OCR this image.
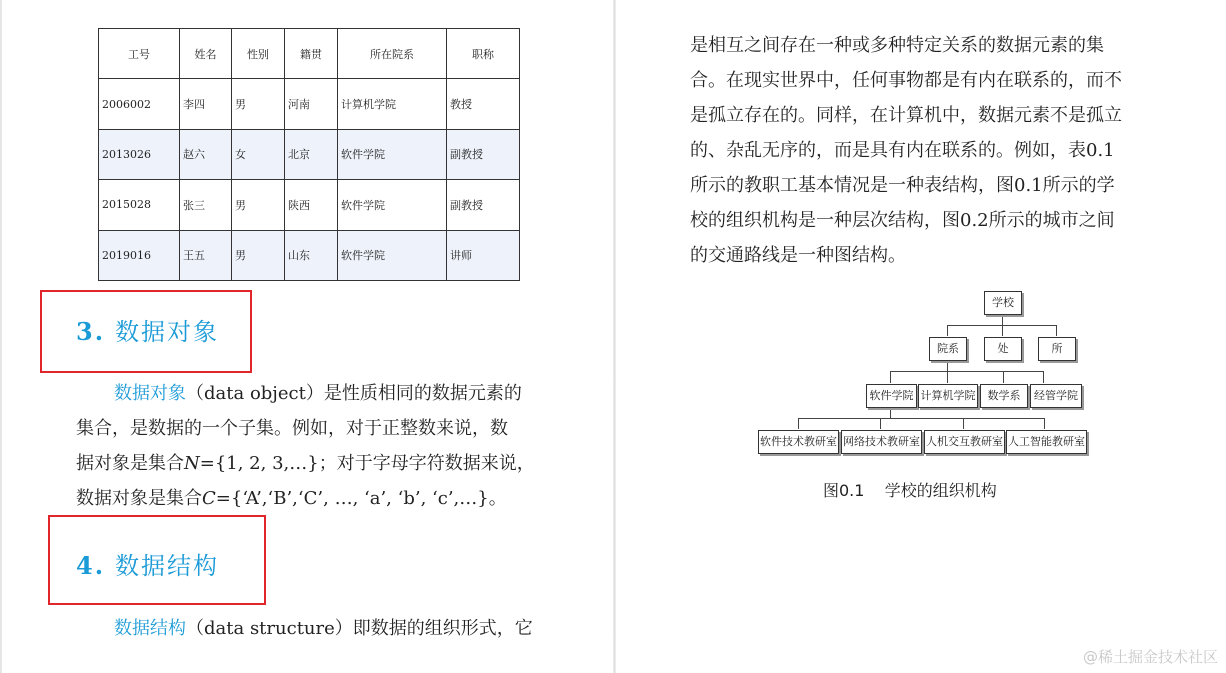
工号	姓名	性别	籍贯	所在院系	职称
2006002	李四	男	河南	计算机学院	教授
2013026	赵六	女	北京	软件学院	副教授
2015028	张三	男	陕西	软件学院	副教授
2019016	王五	男	山东	软件学院	讲师
3. 数据对象
数据对象（data object）是性质相同的数据元素的
集合，是数据的一个子集。例如，对于正整数来说，数
据对象是集合N={1, 2, 3,…}；对于字母字符数据来说，
数据对象是集合C={‘A’,‘B’,‘C’, …, ‘a’, ‘b’, ‘c’,…}。
4. 数据结构
数据结构（data structure）即数据的组织形式，它
是相互之间存在一种或多种特定关系的数据元素的集
合。在现实世界中，任何事物都是有内在联系的，而不
是孤立存在的。同样，在计算机中，数据元素不是孤立
的、杂乱无序的，而是具有内在联系的。例如，表0.1
所示的教职工基本情况是一种表结构，图0.1所示的学
校的组织机构是一种层次结构，图0.2所示的城市之间
的交通路线是一种图结构。
学校
院系	处	所
软件学院 计算机学院	数学系	经管学院
软件技术教研室 网络技术教研室 人机交互教研室 人工智能教研室
图0.1    学校的组织机构
@稀土掘金技术社区
